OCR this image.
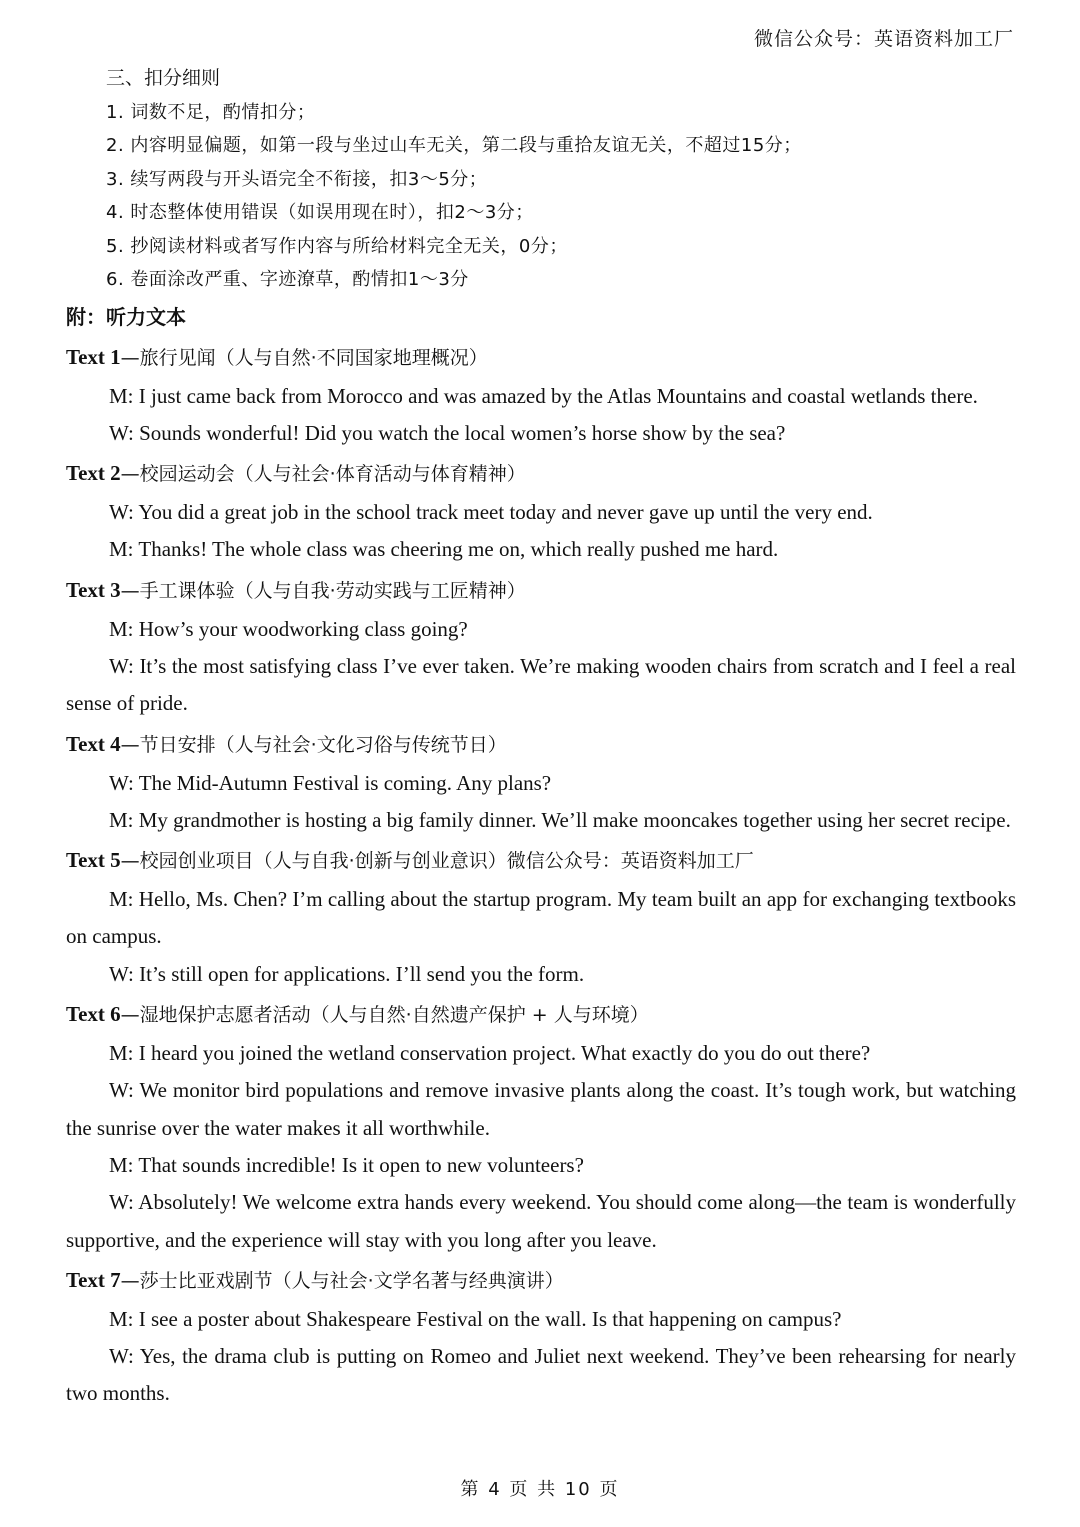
微信公众号：英语资料加工厂
三、扣分细则
1. 词数不足，酌情扣分；
2. 内容明显偏题，如第一段与坐过山车无关，第二段与重拾友谊无关，不超过15分；
3. 续写两段与开头语完全不衔接，扣3～5分；
4. 时态整体使用错误（如误用现在时），扣2～3分；
5. 抄阅读材料或者写作内容与所给材料完全无关，0分；
6. 卷面涂改严重、字迹潦草，酌情扣1～3分
附：听力文本
Text 1—旅行见闻（人与自然·不同国家地理概况）

M: I just came back from Morocco and was amazed by the Atlas Mountains and coastal wetlands there.

W: Sounds wonderful! Did you watch the local women’s horse show by the sea?

Text 2—校园运动会（人与社会·体育活动与体育精神）

W: You did a great job in the school track meet today and never gave up until the very end.

M: Thanks! The whole class was cheering me on, which really pushed me hard.

Text 3—手工课体验（人与自我·劳动实践与工匠精神）

M: How’s your woodworking class going?

W: It’s the most satisfying class I’ve ever taken. We’re making wooden chairs from scratch and I feel a real sense of pride.

Text 4—节日安排（人与社会·文化习俗与传统节日）

W: The Mid-Autumn Festival is coming. Any plans?

M: My grandmother is hosting a big family dinner. We’ll make mooncakes together using her secret recipe.

Text 5—校园创业项目（人与自我·创新与创业意识）微信公众号：英语资料加工厂

M: Hello, Ms. Chen? I’m calling about the startup program. My team built an app for exchanging textbooks on campus.

W: It’s still open for applications. I’ll send you the form.

Text 6—湿地保护志愿者活动（人与自然·自然遗产保护 + 人与环境）

M: I heard you joined the wetland conservation project. What exactly do you do out there?

W: We monitor bird populations and remove invasive plants along the coast. It’s tough work, but watching the sunrise over the water makes it all worthwhile.

M: That sounds incredible! Is it open to new volunteers?

W: Absolutely! We welcome extra hands every weekend. You should come along—the team is wonderfully supportive, and the experience will stay with you long after you leave.

Text 7—莎士比亚戏剧节（人与社会·文学名著与经典演讲）

M: I see a poster about Shakespeare Festival on the wall. Is that happening on campus?

W: Yes, the drama club is putting on Romeo and Juliet next weekend. They’ve been rehearsing for nearly two months.

第 4 页 共 10 页
